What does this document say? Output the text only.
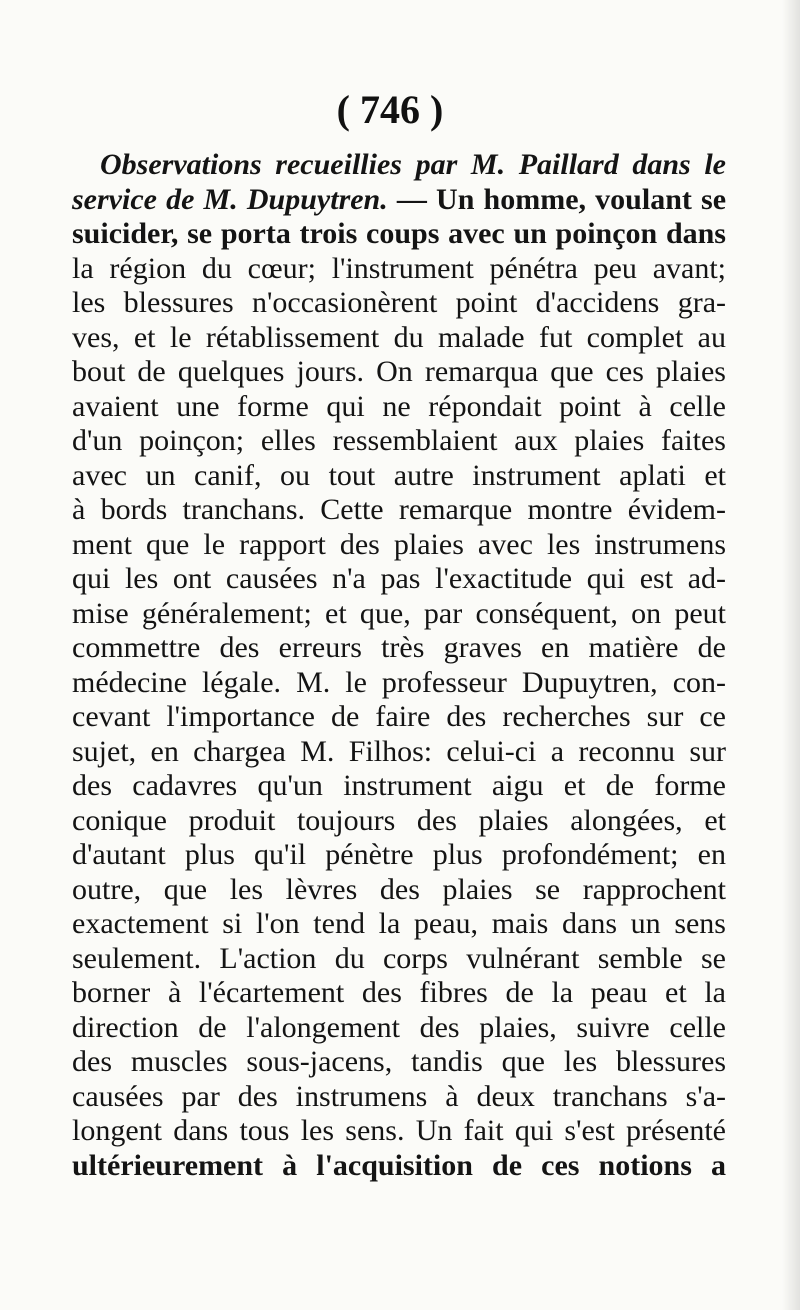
( 746 )
Observations recueillies par M. Paillard dans le
service de M. Dupuytren. — Un homme, voulant se
suicider, se porta trois coups avec un poinçon dans
la région du cœur; l'instrument pénétra peu avant;
les blessures n'occasionèrent point d'accidens gra-
ves, et le rétablissement du malade fut complet au
bout de quelques jours. On remarqua que ces plaies
avaient une forme qui ne répondait point à celle
d'un poinçon; elles ressemblaient aux plaies faites
avec un canif, ou tout autre instrument aplati et
à bords tranchans. Cette remarque montre évidem-
ment que le rapport des plaies avec les instrumens
qui les ont causées n'a pas l'exactitude qui est ad-
mise généralement; et que, par conséquent, on peut
commettre des erreurs très graves en matière de
médecine légale. M. le professeur Dupuytren, con-
cevant l'importance de faire des recherches sur ce
sujet, en chargea M. Filhos: celui-ci a reconnu sur
des cadavres qu'un instrument aigu et de forme
conique produit toujours des plaies alongées, et
d'autant plus qu'il pénètre plus profondément; en
outre, que les lèvres des plaies se rapprochent
exactement si l'on tend la peau, mais dans un sens
seulement. L'action du corps vulnérant semble se
borner à l'écartement des fibres de la peau et la
direction de l'alongement des plaies, suivre celle
des muscles sous-jacens, tandis que les blessures
causées par des instrumens à deux tranchans s'a-
longent dans tous les sens. Un fait qui s'est présenté
ultérieurement à l'acquisition de ces notions a
